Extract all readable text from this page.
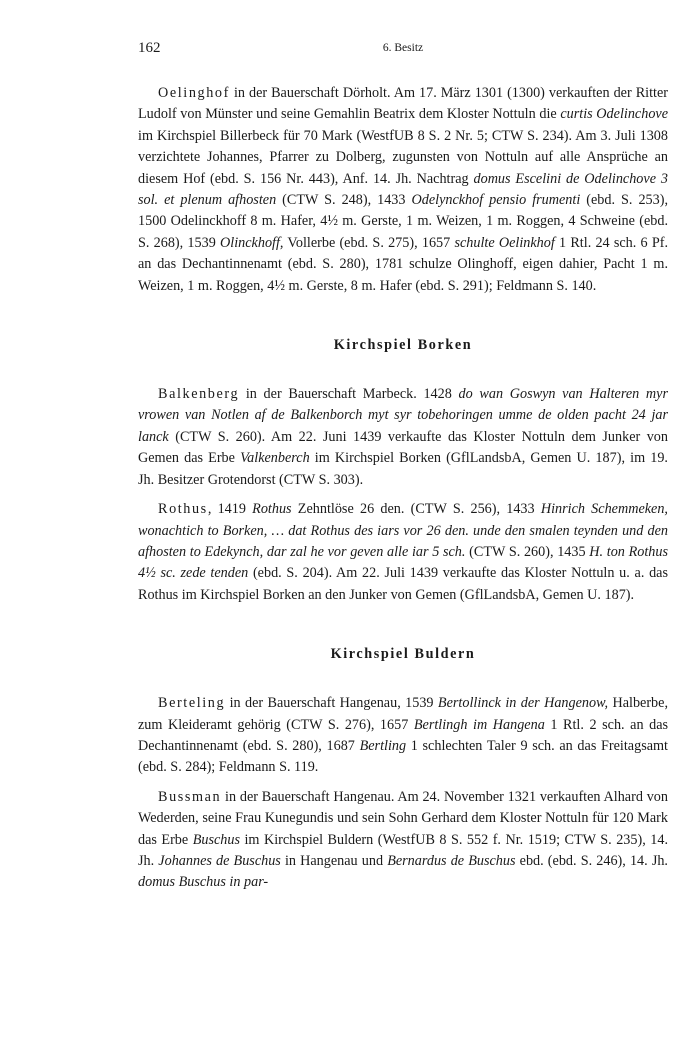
162	6. Besitz

Oelinghof in der Bauerschaft Dörholt. Am 17. März 1301 (1300) verkauften der Ritter Ludolf von Münster und seine Gemahlin Beatrix dem Kloster Nottuln die curtis Odelinchove im Kirchspiel Billerbeck für 70 Mark (WestfUB 8 S. 2 Nr. 5; CTW S. 234). Am 3. Juli 1308 verzichtete Johannes, Pfarrer zu Dolberg, zugunsten von Nottuln auf alle Ansprüche an diesem Hof (ebd. S. 156 Nr. 443), Anf. 14. Jh. Nachtrag domus Escelini de Odelinchove 3 sol. et plenum afhosten (CTW S. 248), 1433 Odelynckhof pensio frumenti (ebd. S. 253), 1500 Odelinckhoff 8 m. Hafer, 4½ m. Gerste, 1 m. Weizen, 1 m. Roggen, 4 Schweine (ebd. S. 268), 1539 Olinckhoff, Vollerbe (ebd. S. 275), 1657 schulte Oelinkhof 1 Rtl. 24 sch. 6 Pf. an das Dechantinnenamt (ebd. S. 280), 1781 schulze Olinghoff, eigen dahier, Pacht 1 m. Weizen, 1 m. Roggen, 4½ m. Gerste, 8 m. Hafer (ebd. S. 291); Feldmann S. 140.

Kirchspiel Borken

Balkenberg in der Bauerschaft Marbeck. 1428 do wan Goswyn van Halteren myr vrowen van Notlen af de Balkenborch myt syr tobehoringen umme de olden pacht 24 jar lanck (CTW S. 260). Am 22. Juni 1439 verkaufte das Kloster Nottuln dem Junker von Gemen das Erbe Valkenberch im Kirchspiel Borken (GflLandsbA, Gemen U. 187), im 19. Jh. Besitzer Grotendorst (CTW S. 303).

Rothus, 1419 Rothus Zehntlöse 26 den. (CTW S. 256), 1433 Hinrich Schemmeken, wonachtich to Borken, … dat Rothus des iars vor 26 den. unde den smalen teynden und den afhosten to Edekynch, dar zal he vor geven alle iar 5 sch. (CTW S. 260), 1435 H. ton Rothus 4½ sc. zede tenden (ebd. S. 204). Am 22. Juli 1439 verkaufte das Kloster Nottuln u. a. das Rothus im Kirchspiel Borken an den Junker von Gemen (GflLandsbA, Gemen U. 187).

Kirchspiel Buldern

Berteling in der Bauerschaft Hangenau, 1539 Bertollinck in der Hangenow, Halberbe, zum Kleideramt gehörig (CTW S. 276), 1657 Bertlingh im Hangena 1 Rtl. 2 sch. an das Dechantinnenamt (ebd. S. 280), 1687 Bertling 1 schlechten Taler 9 sch. an das Freitagsamt (ebd. S. 284); Feldmann S. 119.

Bussman in der Bauerschaft Hangenau. Am 24. November 1321 verkauften Alhard von Wederden, seine Frau Kunegundis und sein Sohn Gerhard dem Kloster Nottuln für 120 Mark das Erbe Buschus im Kirchspiel Buldern (WestfUB 8 S. 552 f. Nr. 1519; CTW S. 235), 14. Jh. Johannes de Buschus in Hangenau und Bernardus de Buschus ebd. (ebd. S. 246), 14. Jh. domus Buschus in par-
